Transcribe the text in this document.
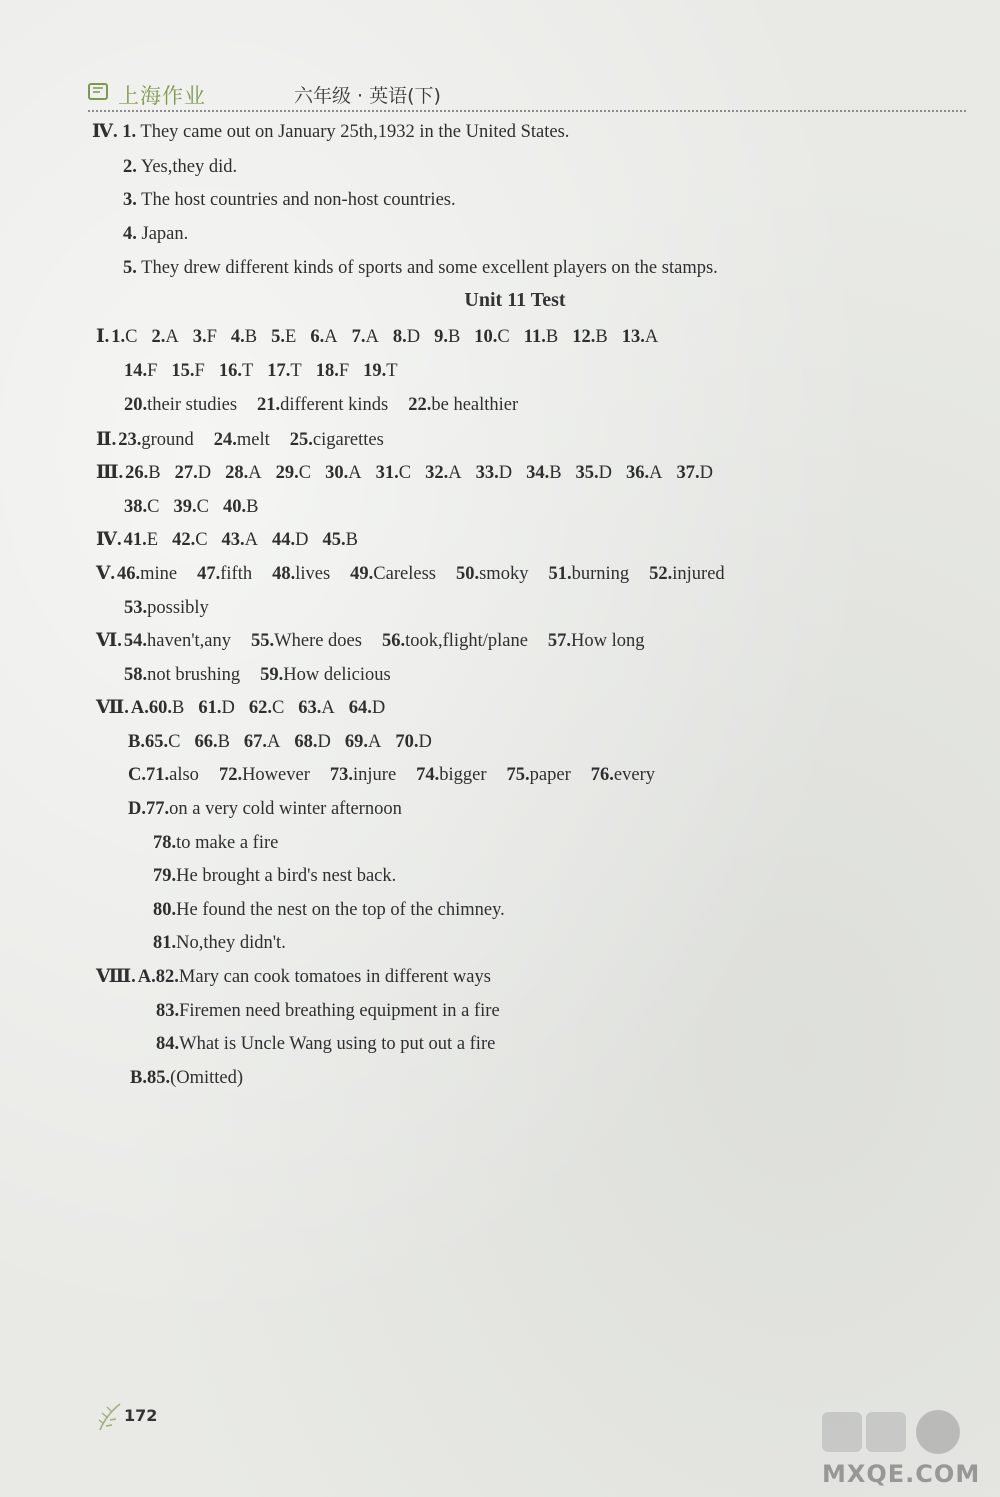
上海作业	六年级 · 英语(下)
Ⅳ. 1. They came out on January 25th,1932 in the United States.
2. Yes,they did.
3. The host countries and non-host countries.
4. Japan.
5. They drew different kinds of sports and some excellent players on the stamps.
Unit 11 Test
Ⅰ. 1.C 2.A 3.F 4.B 5.E 6.A 7.A 8.D 9.B 10.C 11.B 12.B 13.A
14.F 15.F 16.T 17.T 18.F 19.T
20.their studies 21.different kinds 22.be healthier
Ⅱ. 23.ground 24.melt 25.cigarettes
Ⅲ. 26.B 27.D 28.A 29.C 30.A 31.C 32.A 33.D 34.B 35.D 36.A 37.D
38.C 39.C 40.B
Ⅳ. 41.E 42.C 43.A 44.D 45.B
Ⅴ. 46.mine 47.fifth 48.lives 49.Careless 50.smoky 51.burning 52.injured
53.possibly
Ⅵ. 54.haven't,any 55.Where does 56.took,flight/plane 57.How long
58.not brushing 59.How delicious
Ⅶ. A.60.B 61.D 62.C 63.A 64.D
B.65.C 66.B 67.A 68.D 69.A 70.D
C.71.also 72.However 73.injure 74.bigger 75.paper 76.every
D.77.on a very cold winter afternoon
78.to make a fire
79.He brought a bird's nest back.
80.He found the nest on the top of the chimney.
81.No,they didn't.
Ⅷ. A.82.Mary can cook tomatoes in different ways
83.Firemen need breathing equipment in a fire
84.What is Uncle Wang using to put out a fire
B.85.(Omitted)
172
MXQE.COM
